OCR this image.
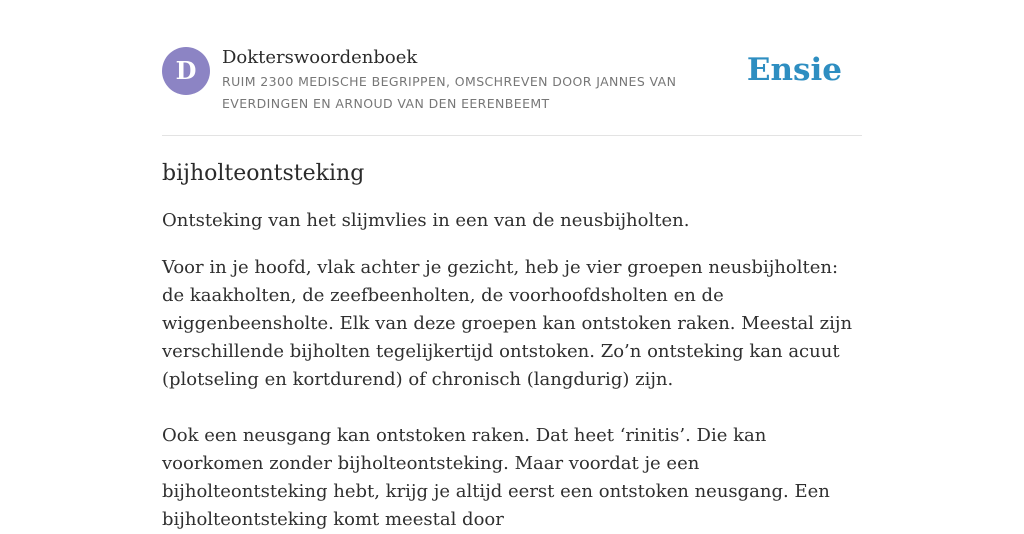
D	Dokterswoordenboek
RUIM 2300 MEDISCHE BEGRIPPEN, OMSCHREVEN DOOR JANNES VAN EVERDINGEN EN ARNOUD VAN DEN EERENBEEMT
Ensie
bijholteontsteking

Ontsteking van het slijmvlies in een van de neusbijholten.

Voor in je hoofd, vlak achter je gezicht, heb je vier groepen neusbijholten: de kaakholten, de zeefbeenholten, de voorhoofdsholten en de wiggenbeensholte. Elk van deze groepen kan ontstoken raken. Meestal zijn verschillende bijholten tegelijkertijd ontstoken. Zo’n ontsteking kan acuut (plotseling en kortdurend) of chronisch (langdurig) zijn.

Ook een neusgang kan ontstoken raken. Dat heet ‘rinitis’. Die kan voorkomen zonder bijholteontsteking. Maar voordat je een bijholteontsteking hebt, krijg je altijd eerst een ontstoken neusgang. Een bijholteontsteking komt meestal door
